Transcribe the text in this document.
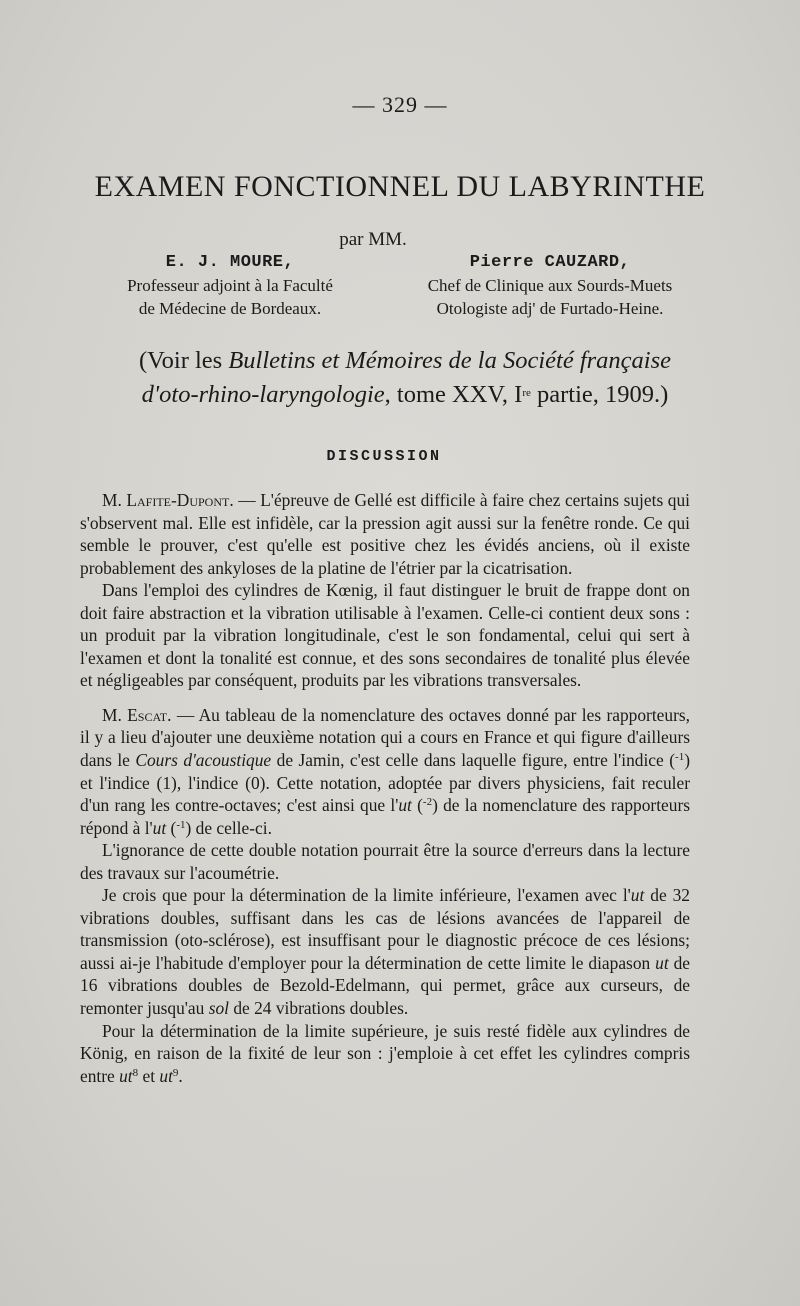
— 329 —
EXAMEN FONCTIONNEL DU LABYRINTHE
par MM.
E. J. MOURE,
Professeur adjoint à la Faculté
de Médecine de Bordeaux.
Pierre CAUZARD,
Chef de Clinique aux Sourds-Muets
Otologiste adj' de Furtado-Heine.
(Voir les Bulletins et Mémoires de la Société française
d'oto-rhino-laryngologie, tome XXV, Ire partie, 1909.)
DISCUSSION

M. Lafite-Dupont. — L'épreuve de Gellé est difficile à faire chez certains sujets qui s'observent mal. Elle est infidèle, car la pression agit aussi sur la fenêtre ronde. Ce qui semble le prouver, c'est qu'elle est positive chez les évidés anciens, où il existe probablement des ankyloses de la platine de l'étrier par la cicatrisation.

Dans l'emploi des cylindres de Kœnig, il faut distinguer le bruit de frappe dont on doit faire abstraction et la vibration utilisable à l'examen. Celle-ci contient deux sons : un produit par la vibration longitudinale, c'est le son fondamental, celui qui sert à l'examen et dont la tonalité est connue, et des sons secondaires de tonalité plus élevée et négligeables par conséquent, produits par les vibrations transversales.

M. Escat. — Au tableau de la nomenclature des octaves donné par les rapporteurs, il y a lieu d'ajouter une deuxième notation qui a cours en France et qui figure d'ailleurs dans le Cours d'acoustique de Jamin, c'est celle dans laquelle figure, entre l'indice ($^{-1}$) et l'indice (1), l'indice (0). Cette notation, adoptée par divers physiciens, fait reculer d'un rang les contre-octaves; c'est ainsi que l'ut ($^{-2}$) de la nomenclature des rapporteurs répond à l'ut ($^{-1}$) de celle-ci.

L'ignorance de cette double notation pourrait être la source d'erreurs dans la lecture des travaux sur l'acoumétrie.

Je crois que pour la détermination de la limite inférieure, l'examen avec l'ut de 32 vibrations doubles, suffisant dans les cas de lésions avancées de l'appareil de transmission (oto-sclérose), est insuffisant pour le diagnostic précoce de ces lésions; aussi ai-je l'habitude d'employer pour la détermination de cette limite le diapason ut de 16 vibrations doubles de Bezold-Edelmann, qui permet, grâce aux curseurs, de remonter jusqu'au sol de 24 vibrations doubles.

Pour la détermination de la limite supérieure, je suis resté fidèle aux cylindres de König, en raison de la fixité de leur son : j'emploie à cet effet les cylindres compris entre $ut^8$ et $ut^9$.
